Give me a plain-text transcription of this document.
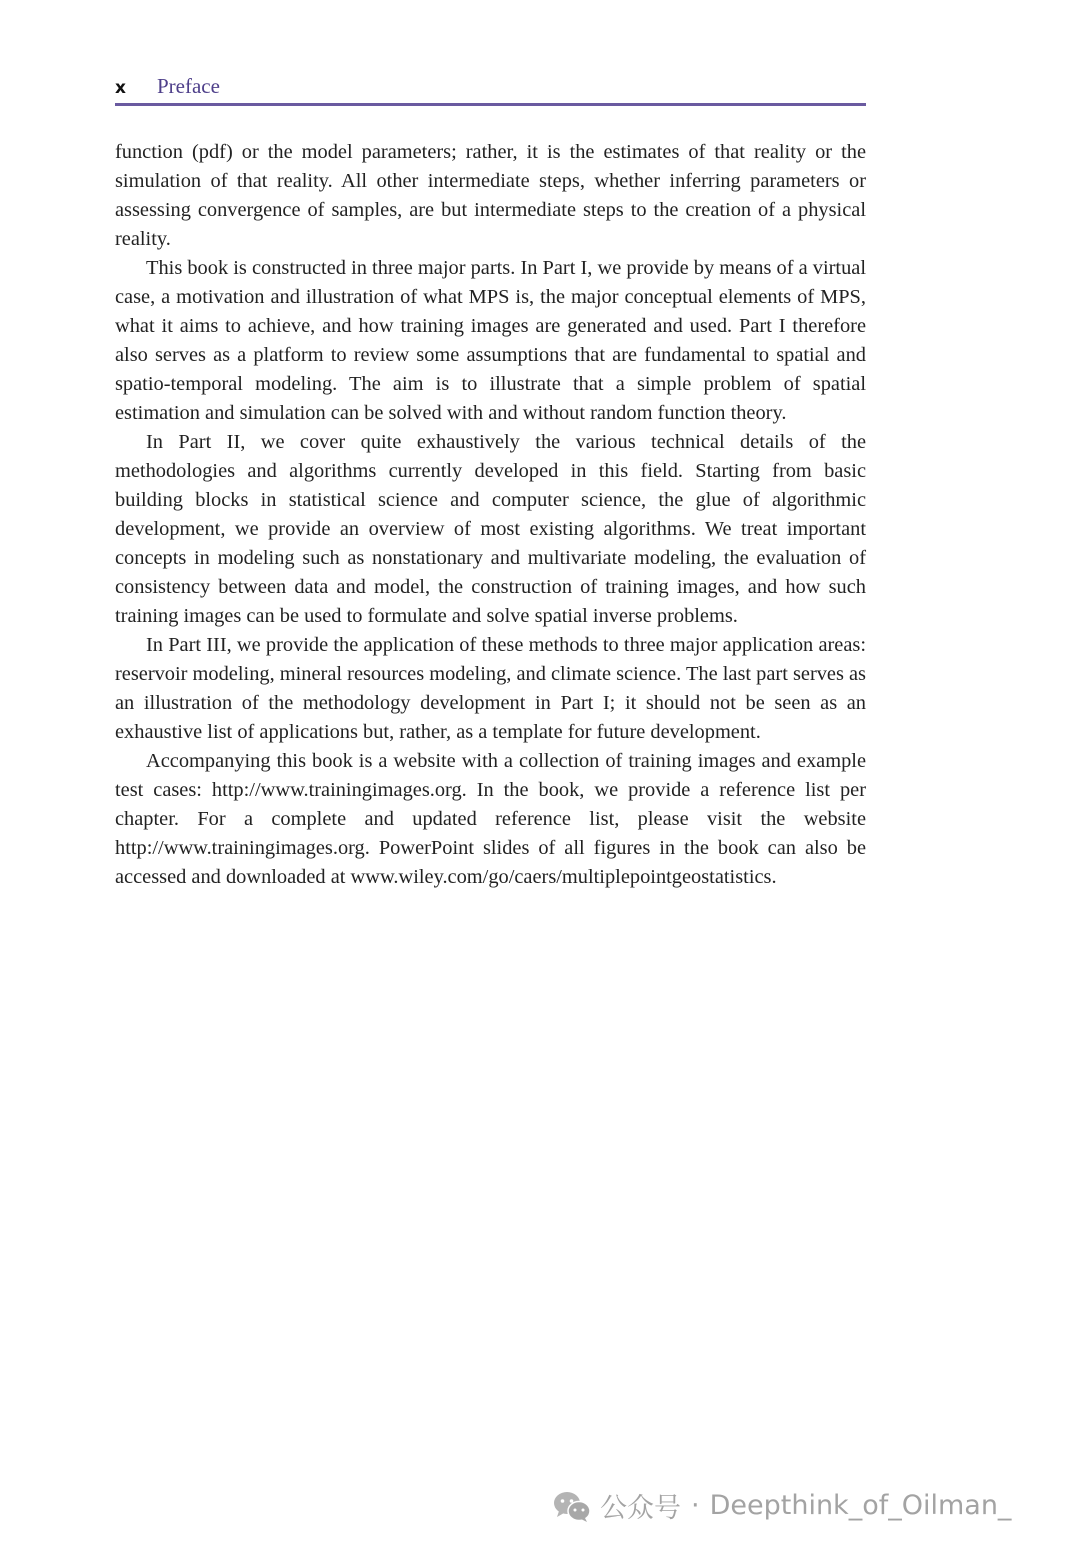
x Preface

function (pdf) or the model parameters; rather, it is the estimates of that reality or the simulation of that reality. All other intermediate steps, whether inferring parameters or assessing convergence of samples, are but intermediate steps to the creation of a physical reality.

This book is constructed in three major parts. In Part I, we provide by means of a virtual case, a motivation and illustration of what MPS is, the major conceptual elements of MPS, what it aims to achieve, and how training images are generated and used. Part I therefore also serves as a platform to review some assumptions that are fundamental to spatial and spatio-temporal modeling. The aim is to illustrate that a simple problem of spatial estimation and simulation can be solved with and without random function theory.

In Part II, we cover quite exhaustively the various technical details of the methodologies and algorithms currently developed in this field. Starting from basic building blocks in statistical science and computer science, the glue of algorithmic development, we provide an overview of most existing algorithms. We treat important concepts in modeling such as nonstationary and multivariate modeling, the evaluation of consistency between data and model, the construction of training images, and how such training images can be used to formulate and solve spatial inverse problems.

In Part III, we provide the application of these methods to three major application areas: reservoir modeling, mineral resources modeling, and climate science. The last part serves as an illustration of the methodology development in Part I; it should not be seen as an exhaustive list of applications but, rather, as a template for future development.

Accompanying this book is a website with a collection of training images and example test cases: http://www.trainingimages.org. In the book, we provide a reference list per chapter. For a complete and updated reference list, please visit the website http://www.trainingimages.org. PowerPoint slides of all figures in the book can also be accessed and downloaded at www.wiley.com/go/​caers/multiplepointgeostatistics.

公众号 · Deepthink_of_Oilman_
